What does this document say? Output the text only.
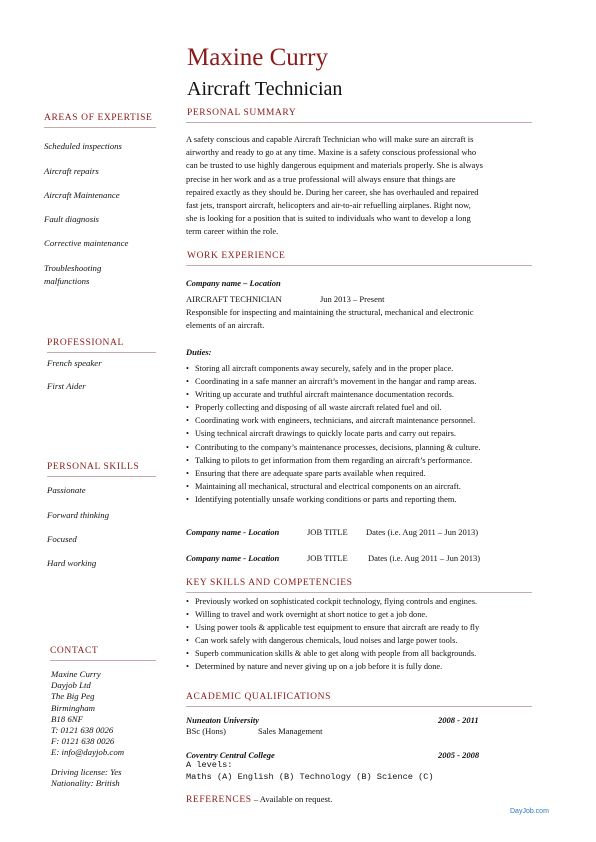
Maxine Curry
Aircraft Technician
AREAS OF EXPERTISE
Scheduled inspections
Aircraft repairs
Aircraft Maintenance
Fault diagnosis
Corrective maintenance
Troubleshooting
malfunctions
PROFESSIONAL
French speaker
First Aider
PERSONAL SKILLS
Passionate
Forward thinking
Focused
Hard working
CONTACT
Maxine Curry
Dayjob Ltd
The Big Peg
Birmingham
B18 6NF
T: 0121 638 0026
F: 0121 638 0026
E: info@dayjob.com
Driving license: Yes
Nationality: British
PERSONAL SUMMARY
A safety conscious and capable Aircraft Technician who will make sure an aircraft is
airworthy and ready to go at any time. Maxine is a safety conscious professional who
can be trusted to use highly dangerous equipment and materials properly. She is always
precise in her work and as a true professional will always ensure that things are
repaired exactly as they should be. During her career, she has overhauled and repaired
fast jets, transport aircraft, helicopters and air-to-air refuelling airplanes. Right now,
she is looking for a position that is suited to individuals who want to develop a long
term career within the role.
WORK EXPERIENCE
Company name – Location
AIRCRAFT TECHNICIAN	Jun 2013 – Present
Responsible for inspecting and maintaining the structural, mechanical and electronic
elements of an aircraft.
Duties:
• Storing all aircraft components away securely, safely and in the proper place.
• Coordinating in a safe manner an aircraft’s movement in the hangar and ramp areas.
• Writing up accurate and truthful aircraft maintenance documentation records.
• Properly collecting and disposing of all waste aircraft related fuel and oil.
• Coordinating work with engineers, technicians, and aircraft maintenance personnel.
• Using technical aircraft drawings to quickly locate parts and carry out repairs.
• Contributing to the company’s maintenance processes, decisions, planning & culture.
• Talking to pilots to get information from them regarding an aircraft’s performance.
• Ensuring that there are adequate spare parts available when required.
• Maintaining all mechanical, structural and electrical components on an aircraft.
• Identifying potentially unsafe working conditions or parts and reporting them.
Company name - Location	JOB TITLE Dates (i.e. Aug 2011 – Jun 2013)
Company name - Location	JOB TITLE Dates (i.e. Aug 2011 – Jun 2013)
KEY SKILLS AND COMPETENCIES
• Previously worked on sophisticated cockpit technology, flying controls and engines.
• Willing to travel and work overnight at short notice to get a job done.
• Using power tools & applicable test equipment to ensure that aircraft are ready to fly
• Can work safely with dangerous chemicals, loud noises and large power tools.
• Superb communication skills & able to get along with people from all backgrounds.
• Determined by nature and never giving up on a job before it is fully done.
ACADEMIC QUALIFICATIONS
Nuneaton University	2008 - 2011
BSc (Hons)	Sales Management
Coventry Central College	2005 - 2008
A levels:
Maths (A) English (B) Technology (B) Science (C)
REFERENCES – Available on request.
DayJob.com
